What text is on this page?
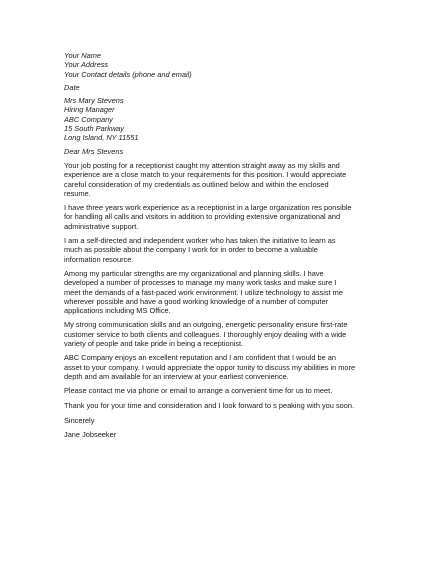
Your Name
Your Address
Your Contact details (phone and email)
Date
Mrs Mary Stevens
Hiring Manager
ABC Company
15 South Parkway
Long Island, NY 11551
Dear Mrs Stevens
Your job posting for a receptionist caught my attention straight away as my skills and
experience are a close match to your requirements for this position. I would appreciate
careful consideration of my credentials as outlined below and within the enclosed
resume.
I have three years work experience as a receptionist in a large organization res ponsible
for handling all calls and visitors in addition to providing extensive organizational and
administrative support.
I am a self-directed and independent worker who has taken the initiative to learn as
much as possible about the company I work for in order to become a valuable
information resource.
Among my particular strengths are my organizational and planning skills. I have
developed a number of processes to manage my many work tasks and make sure I
meet the demands of a fast-paced work environment. I utilize technology to assist me
wherever possible and have a good working knowledge of a number of computer
applications including MS Office.
My strong communication skills and an outgoing, energetic personality ensure first-rate
customer service to both clients and colleagues. I thoroughly enjoy dealing with a wide
variety of people and take pride in being a receptionist.
ABC Company enjoys an excellent reputation and I am confident that I would be an
asset to your company. I would appreciate the oppor tunity to discuss my abilities in more
depth and am available for an interview at your earliest convenience.
Please contact me via phone or email to arrange a convenient time for us to meet.
Thank you for your time and consideration and I look forward to s peaking with you soon.
Sincerely
Jane Jobseeker
